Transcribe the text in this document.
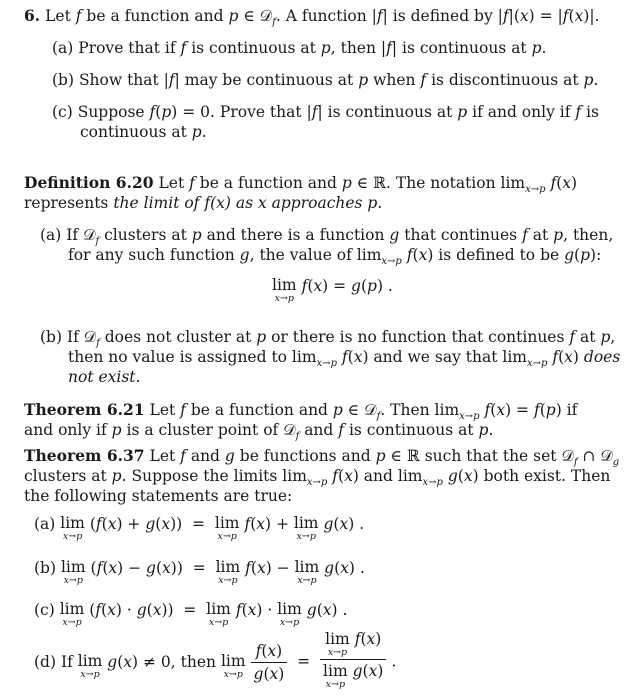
6. Let f be a function and p ∈ 𝒟$_f$. A function |f| is defined by |f|(x) = |f(x)|.
(a) Prove that if f is continuous at p, then |f| is continuous at p.
(b) Show that |f| may be continuous at p when f is discontinuous at p.
(c) Suppose f(p) = 0. Prove that |f| is continuous at p if and only if f is
continuous at p.
Definition 6.20 Let f be a function and p ∈ ℝ. The notation $\lim_{x\to p} f(x)$
represents the limit of f(x) as x approaches p.
(a) If 𝒟$_f$ clusters at p and there is a function g that continues f at p, then,
for any such function g, the value of $\lim_{x\to p} f(x)$ is defined to be g(p):
lim
x→p
f(x) = g(p) .
(b) If 𝒟$_f$ does not cluster at p or there is no function that continues f at p,
then no value is assigned to $\lim_{x\to p} f(x)$ and we say that $\lim_{x\to p} f(x)$ does
not exist.
Theorem 6.21 Let f be a function and p ∈ 𝒟$_f$. Then $\lim_{x\to p} f(x) = f(p)$ if
and only if p is a cluster point of 𝒟$_f$ and f is continuous at p.
Theorem 6.37 Let f and g be functions and p ∈ ℝ such that the set 𝒟$_f$ ∩ 𝒟$_g$
clusters at p. Suppose the limits $\lim_{x\to p} f(x)$ and $\lim_{x\to p} g(x)$ both exist. Then
the following statements are true:
(a) lim
x→p
(f(x) + g(x))  = lim
x→p
f(x) + lim
x→p
g(x) .
(b) lim
x→p
(f(x) − g(x))  = lim
x→p
f(x) − lim
x→p
g(x) .
(c) lim
x→p
(f(x) · g(x))  = lim
x→p
f(x) · lim
x→p
g(x) .
(d) If lim
x→p
g(x) ≠ 0, then lim
x→p
$\frac{f(x)}{g(x)} = \lim$
x→p
f(x)
lim
x→p
g(x) .
